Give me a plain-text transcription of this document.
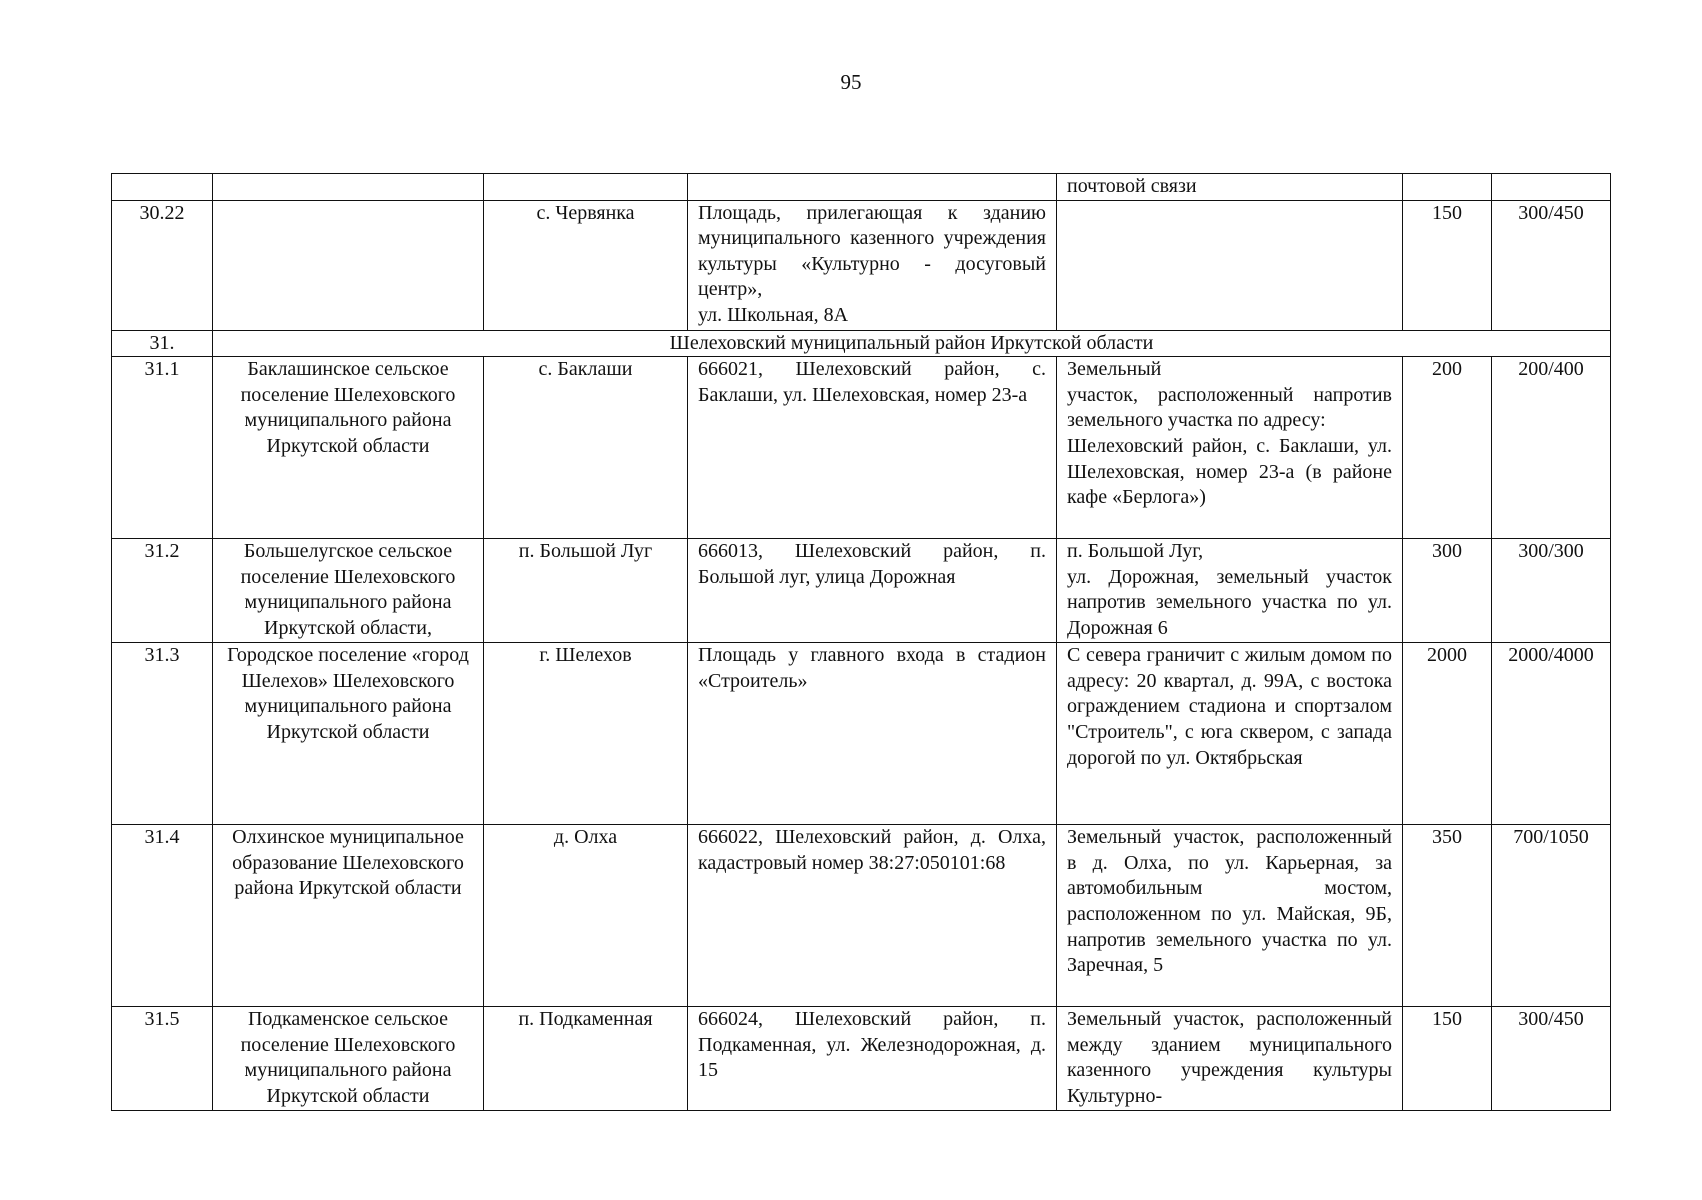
95

				почтовой связи		

30.22		с. Червянка	Площадь, прилегающая к зданию муниципального казенного учреждения культуры «Культурно - досуговый центр»,
ул. Школьная, 8А		150	300/450
31.	Шелеховский муниципальный район Иркутской области					
31.1	Баклашинское сельское поселение Шелеховского муниципального района Иркутской области	с. Баклаши	666021, Шелеховский район, с. Баклаши, ул. Шелеховская, номер 23-а	Земельный
участок, расположенный напротив земельного участка по адресу:
Шелеховский район, с. Баклаши, ул. Шелеховская, номер 23-а (в районе кафе «Берлога»)	200	200/400
31.2	Большелугское сельское поселение Шелеховского муниципального района Иркутской области,	п. Большой Луг	666013, Шелеховский район, п. Большой луг, улица Дорожная	п. Большой Луг,
ул. Дорожная, земельный участок напротив земельного участка по ул. Дорожная 6	300	300/300
31.3	Городское поселение «город Шелехов» Шелеховского муниципального района Иркутской области	г. Шелехов	Площадь у главного входа в стадион «Строитель»	С севера граничит с жилым домом по адресу: 20 квартал, д. 99А, с востока ограждением стадиона и спортзалом "Строитель", с юга сквером, с запада дорогой по ул. Октябрьская	2000	2000/4000
31.4	Олхинское муниципальное образование Шелеховского района Иркутской области	д. Олха	666022, Шелеховский район, д. Олха, кадастровый номер 38:27:050101:68	Земельный участок, расположенный в д. Олха, по ул. Карьерная, за автомобильным мостом, расположенном по ул. Майская, 9Б, напротив земельного участка по ул. Заречная, 5	350	700/1050
31.5	Подкаменское сельское поселение Шелеховского муниципального района Иркутской области	п. Подкаменная	666024, Шелеховский район, п. Подкаменная, ул. Железнодорожная, д. 15	Земельный участок, расположенный между зданием муниципального казенного учреждения культуры Культурно-	150	300/450
